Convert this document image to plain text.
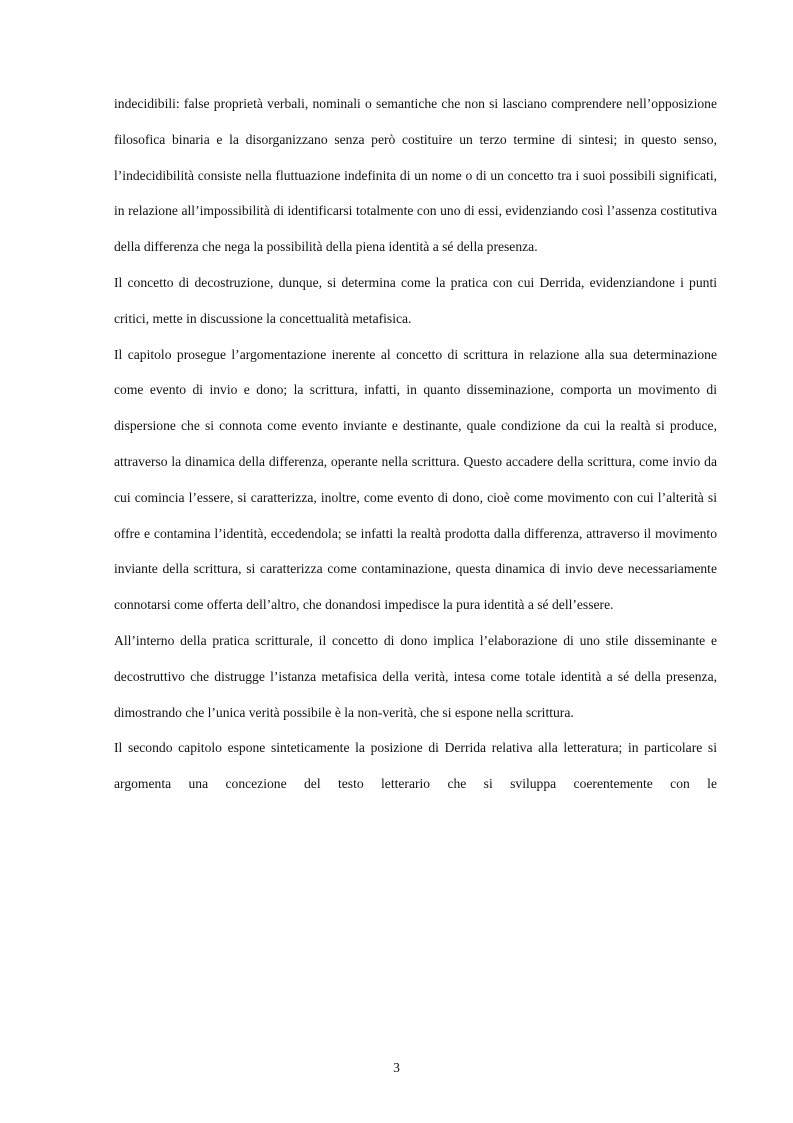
indecidibili: false proprietà verbali, nominali o semantiche che non si lasciano comprendere nell’opposizione filosofica binaria e la disorganizzano senza però costituire un terzo termine di sintesi; in questo senso, l’indecidibilità consiste nella fluttuazione indefinita di un nome o di un concetto tra i suoi possibili significati, in relazione all’impossibilità di identificarsi totalmente con uno di essi, evidenziando così l’assenza costitutiva della differenza che nega la possibilità della piena identità a sé della presenza.

Il concetto di decostruzione, dunque, si determina come la pratica con cui Derrida, evidenziandone i punti critici, mette in discussione la concettualità metafisica.

Il capitolo prosegue l’argomentazione inerente al concetto di scrittura in relazione alla sua determinazione come evento di invio e dono; la scrittura, infatti, in quanto disseminazione, comporta un movimento di dispersione che si connota come evento inviante e destinante, quale condizione da cui la realtà si produce, attraverso la dinamica della differenza, operante nella scrittura. Questo accadere della scrittura, come invio da cui comincia l’essere, si caratterizza, inoltre, come evento di dono, cioè come movimento con cui l’alterità si offre e contamina l’identità, eccedendola; se infatti la realtà prodotta dalla differenza, attraverso il movimento inviante della scrittura, si caratterizza come contaminazione, questa dinamica di invio deve necessariamente connotarsi come offerta dell’altro, che donandosi impedisce la pura identità a sé dell’essere.

All’interno della pratica scritturale, il concetto di dono implica l’elaborazione di uno stile disseminante e decostruttivo che distrugge l’istanza metafisica della verità, intesa come totale identità a sé della presenza, dimostrando che l’unica verità possibile è la non-verità, che si espone nella scrittura.

Il secondo capitolo espone sinteticamente la posizione di Derrida relativa alla letteratura; in particolare si argomenta una concezione del testo letterario che si sviluppa coerentemente con le

3
